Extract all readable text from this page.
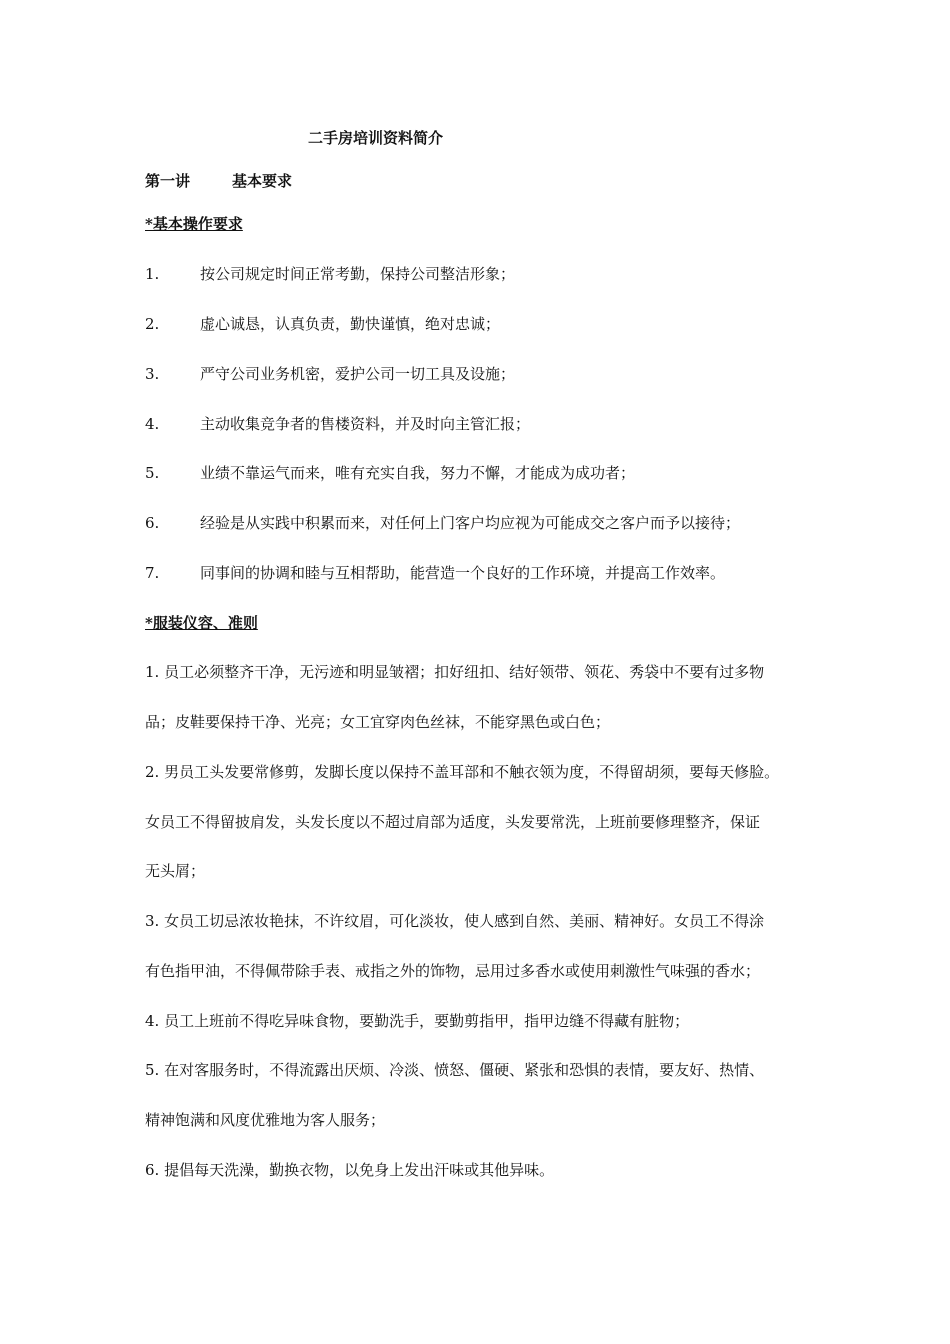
二手房培训资料简介
第一讲	基本要求
*基本操作要求
1.	按公司规定时间正常考勤，保持公司整洁形象；
2.	虚心诚恳，认真负责，勤快谨慎，绝对忠诚；
3.	严守公司业务机密，爱护公司一切工具及设施；
4.	主动收集竞争者的售楼资料，并及时向主管汇报；
5.	业绩不靠运气而来，唯有充实自我，努力不懈，才能成为成功者；
6.	经验是从实践中积累而来，对任何上门客户均应视为可能成交之客户而予以接待；
7.	同事间的协调和睦与互相帮助，能营造一个良好的工作环境，并提高工作效率。
*服装仪容、准则
1. 员工必须整齐干净，无污迹和明显皱褶；扣好纽扣、结好领带、领花、秀袋中不要有过多物
品；皮鞋要保持干净、光亮；女工宜穿肉色丝袜，不能穿黑色或白色；
2. 男员工头发要常修剪，发脚长度以保持不盖耳部和不触衣领为度，不得留胡须，要每天修脸。
女员工不得留披肩发，头发长度以不超过肩部为适度，头发要常洗，上班前要修理整齐，保证
无头屑；
3. 女员工切忌浓妆艳抹，不许纹眉，可化淡妆，使人感到自然、美丽、精神好。女员工不得涂
有色指甲油，不得佩带除手表、戒指之外的饰物，忌用过多香水或使用刺激性气味强的香水；
4. 员工上班前不得吃异味食物，要勤洗手，要勤剪指甲，指甲边缝不得藏有脏物；
5. 在对客服务时，不得流露出厌烦、冷淡、愤怒、僵硬、紧张和恐惧的表情，要友好、热情、
精神饱满和风度优雅地为客人服务；
6. 提倡每天洗澡，勤换衣物，以免身上发出汗味或其他异味。
